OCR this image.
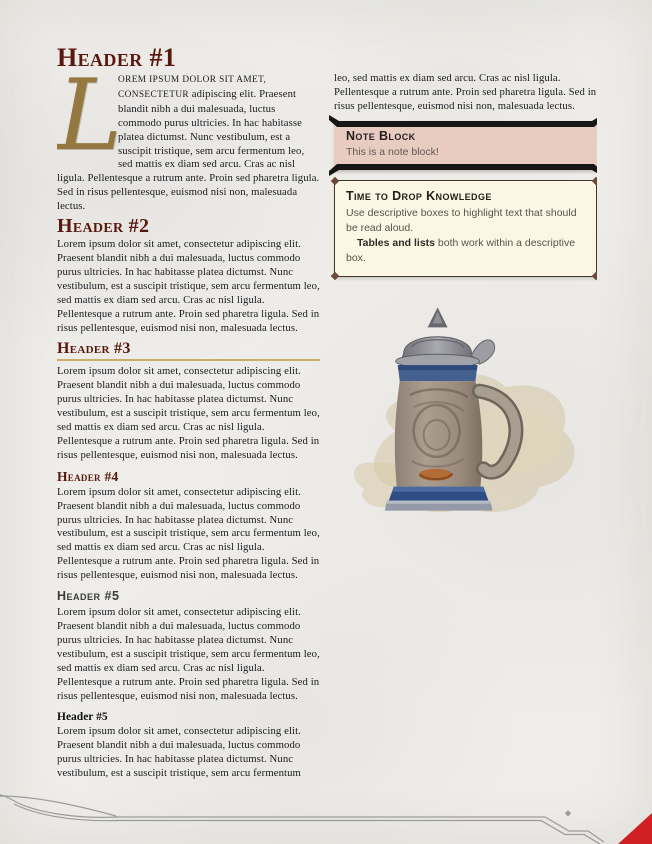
Header #1

L
OREM IPSUM DOLOR SIT AMET, CONSECTETUR adipiscing elit. Praesent blandit nibh a dui malesuada, luctus commodo purus ultricies. In hac habitasse platea dictumst. Nunc vestibulum, est a suscipit tristique, sem arcu fermentum leo, sed mattis ex diam sed arcu. Cras ac nisl ligula. Pellentesque a rutrum ante. Proin sed pharetra ligula. Sed in risus pellentesque, euismod nisi non, malesuada lectus.

Header #2

Lorem ipsum dolor sit amet, consectetur adipiscing elit. Praesent blandit nibh a dui malesuada, luctus commodo purus ultricies. In hac habitasse platea dictumst. Nunc vestibulum, est a suscipit tristique, sem arcu fermentum leo, sed mattis ex diam sed arcu. Cras ac nisl ligula. Pellentesque a rutrum ante. Proin sed pharetra ligula. Sed in risus pellentesque, euismod nisi non, malesuada lectus.

Header #3

Lorem ipsum dolor sit amet, consectetur adipiscing elit. Praesent blandit nibh a dui malesuada, luctus commodo purus ultricies. In hac habitasse platea dictumst. Nunc vestibulum, est a suscipit tristique, sem arcu fermentum leo, sed mattis ex diam sed arcu. Cras ac nisl ligula. Pellentesque a rutrum ante. Proin sed pharetra ligula. Sed in risus pellentesque, euismod nisi non, malesuada lectus.

Header #4

Lorem ipsum dolor sit amet, consectetur adipiscing elit. Praesent blandit nibh a dui malesuada, luctus commodo purus ultricies. In hac habitasse platea dictumst. Nunc vestibulum, est a suscipit tristique, sem arcu fermentum leo, sed mattis ex diam sed arcu. Cras ac nisl ligula. Pellentesque a rutrum ante. Proin sed pharetra ligula. Sed in risus pellentesque, euismod nisi non, malesuada lectus.

Header #5

Lorem ipsum dolor sit amet, consectetur adipiscing elit. Praesent blandit nibh a dui malesuada, luctus commodo purus ultricies. In hac habitasse platea dictumst. Nunc vestibulum, est a suscipit tristique, sem arcu fermentum leo, sed mattis ex diam sed arcu. Cras ac nisl ligula. Pellentesque a rutrum ante. Proin sed pharetra ligula. Sed in risus pellentesque, euismod nisi non, malesuada lectus.

Header #5

Lorem ipsum dolor sit amet, consectetur adipiscing elit. Praesent blandit nibh a dui malesuada, luctus commodo purus ultricies. In hac habitasse platea dictumst. Nunc vestibulum, est a suscipit tristique, sem arcu fermentum

leo, sed mattis ex diam sed arcu. Cras ac nisl ligula. Pellentesque a rutrum ante. Proin sed pharetra ligula. Sed in risus pellentesque, euismod nisi non, malesuada lectus.

Note Block
This is a note block!
Time to Drop Knowledge

Use descriptive boxes to highlight text that should be read aloud.

Tables and lists both work within a descriptive box.
